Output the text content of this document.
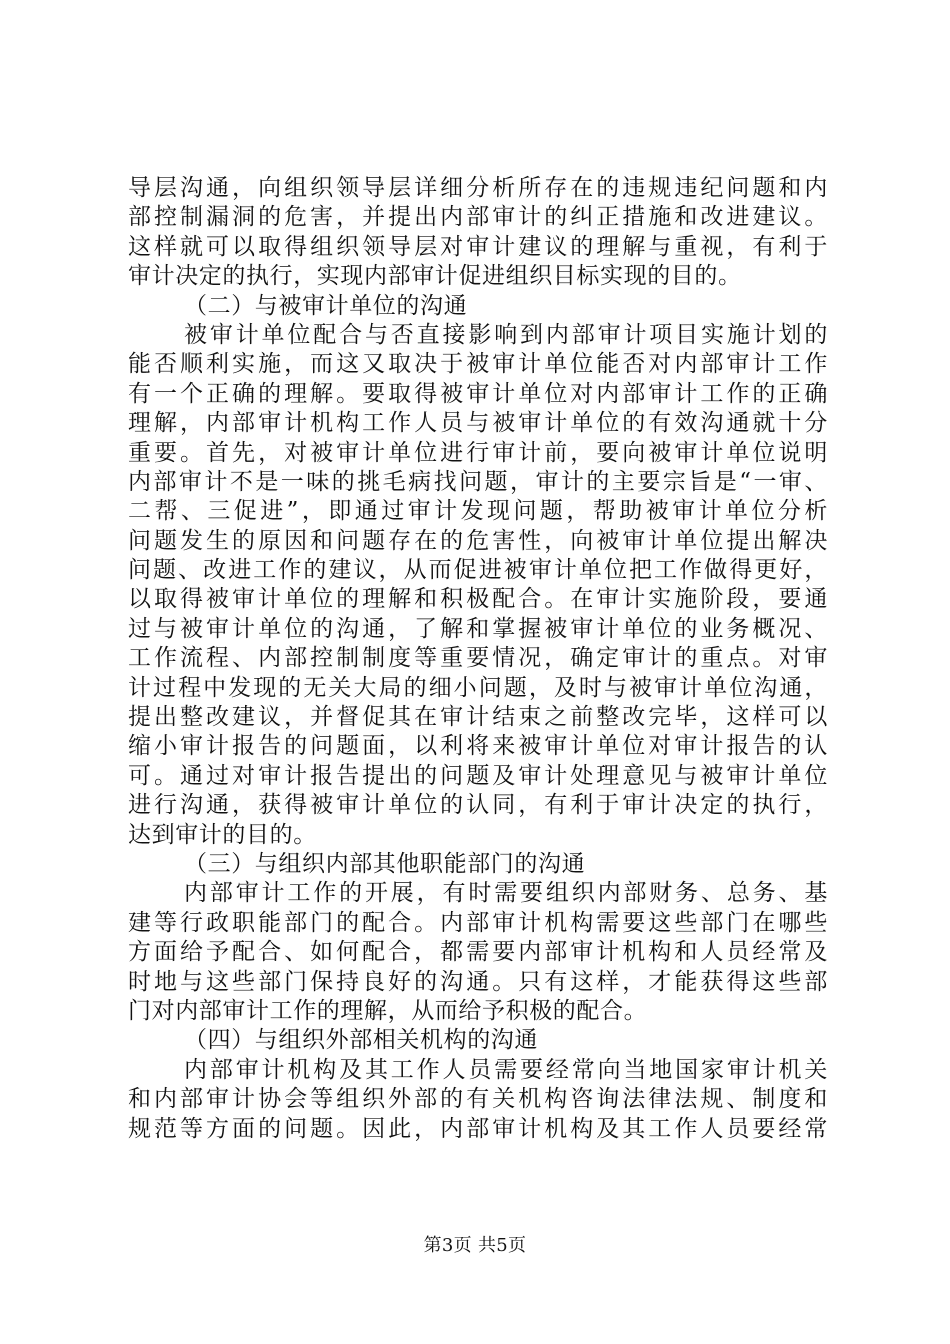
导层沟通，向组织领导层详细分析所存在的违规违纪问题和内
部控制漏洞的危害，并提出内部审计的纠正措施和改进建议。
这样就可以取得组织领导层对审计建议的理解与重视，有利于
审计决定的执行，实现内部审计促进组织目标实现的目的。
（二）与被审计单位的沟通
被审计单位配合与否直接影响到内部审计项目实施计划的
能否顺利实施，而这又取决于被审计单位能否对内部审计工作
有一个正确的理解。要取得被审计单位对内部审计工作的正确
理解，内部审计机构工作人员与被审计单位的有效沟通就十分
重要。首先，对被审计单位进行审计前，要向被审计单位说明
内部审计不是一味的挑毛病找问题，审计的主要宗旨是“一审、
二帮、三促进”，即通过审计发现问题，帮助被审计单位分析
问题发生的原因和问题存在的危害性，向被审计单位提出解决
问题、改进工作的建议，从而促进被审计单位把工作做得更好，
以取得被审计单位的理解和积极配合。在审计实施阶段，要通
过与被审计单位的沟通，了解和掌握被审计单位的业务概况、
工作流程、内部控制制度等重要情况，确定审计的重点。对审
计过程中发现的无关大局的细小问题，及时与被审计单位沟通，
提出整改建议，并督促其在审计结束之前整改完毕，这样可以
缩小审计报告的问题面，以利将来被审计单位对审计报告的认
可。通过对审计报告提出的问题及审计处理意见与被审计单位
进行沟通，获得被审计单位的认同，有利于审计决定的执行，
达到审计的目的。
（三）与组织内部其他职能部门的沟通
内部审计工作的开展，有时需要组织内部财务、总务、基
建等行政职能部门的配合。内部审计机构需要这些部门在哪些
方面给予配合、如何配合，都需要内部审计机构和人员经常及
时地与这些部门保持良好的沟通。只有这样，才能获得这些部
门对内部审计工作的理解，从而给予积极的配合。
（四）与组织外部相关机构的沟通
内部审计机构及其工作人员需要经常向当地国家审计机关
和内部审计协会等组织外部的有关机构咨询法律法规、制度和
规范等方面的问题。因此，内部审计机构及其工作人员要经常
第3页 共5页
